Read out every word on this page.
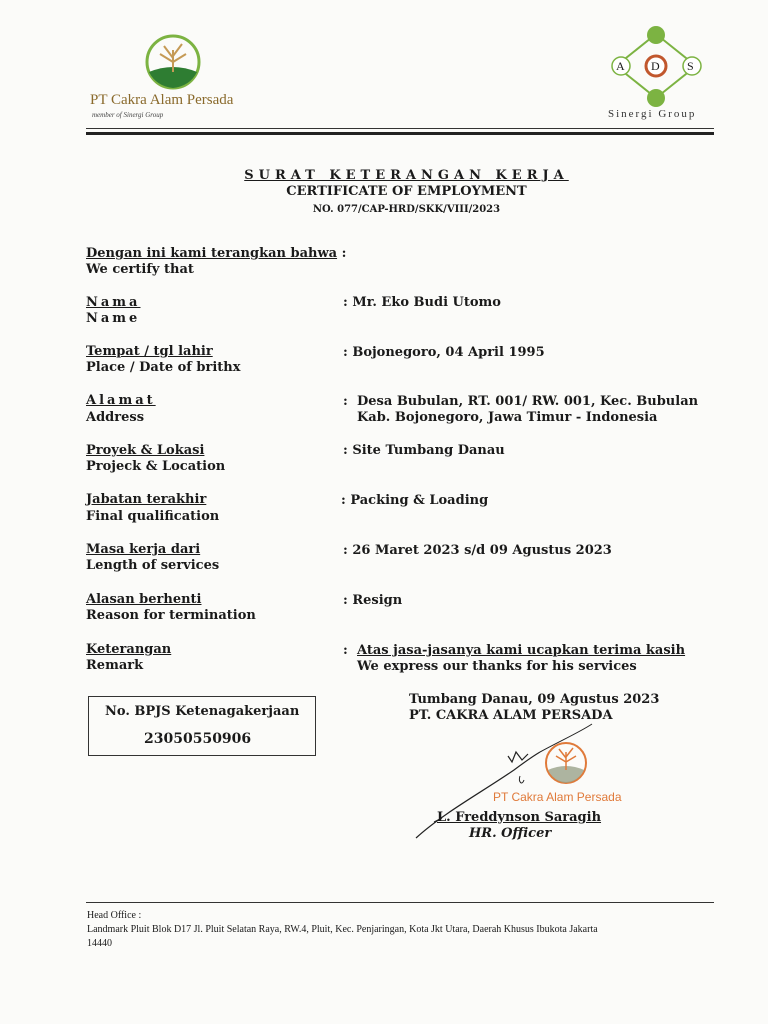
PT Cakra Alam Persada
member of Sinergi Group
A D S
Sinergi Group
SURAT KETERANGAN KERJA
CERTIFICATE OF EMPLOYMENT
NO. 077/CAP-HRD/SKK/VIII/2023
Dengan ini kami terangkan bahwa :
We certify that
Nama
Name
: Mr. Eko Budi Utomo
Tempat / tgl lahir
Place / Date of brithx
: Bojonegoro, 04 April 1995
Alamat
Address
: Desa Bubulan, RT. 001/ RW. 001, Kec. Bubulan
Kab. Bojonegoro, Jawa Timur - Indonesia
Proyek & Lokasi
Projeck & Location
: Site Tumbang Danau
Jabatan terakhir
Final qualification
: Packing & Loading
Masa kerja dari
Length of services
: 26 Maret 2023 s/d 09 Agustus 2023
Alasan berhenti
Reason for termination
: Resign
Keterangan
Remark
: Atas jasa-jasanya kami ucapkan terima kasih
We express our thanks for his services
No. BPJS Ketenagakerjaan
23050550906
Tumbang Danau, 09 Agustus 2023
PT. CAKRA ALAM PERSADA
PT Cakra Alam Persada
L. Freddynson Saragih
HR. Officer
Head Office :
Landmark Pluit Blok D17 Jl. Pluit Selatan Raya, RW.4, Pluit, Kec. Penjaringan, Kota Jkt Utara, Daerah Khusus Ibukota Jakarta
14440
